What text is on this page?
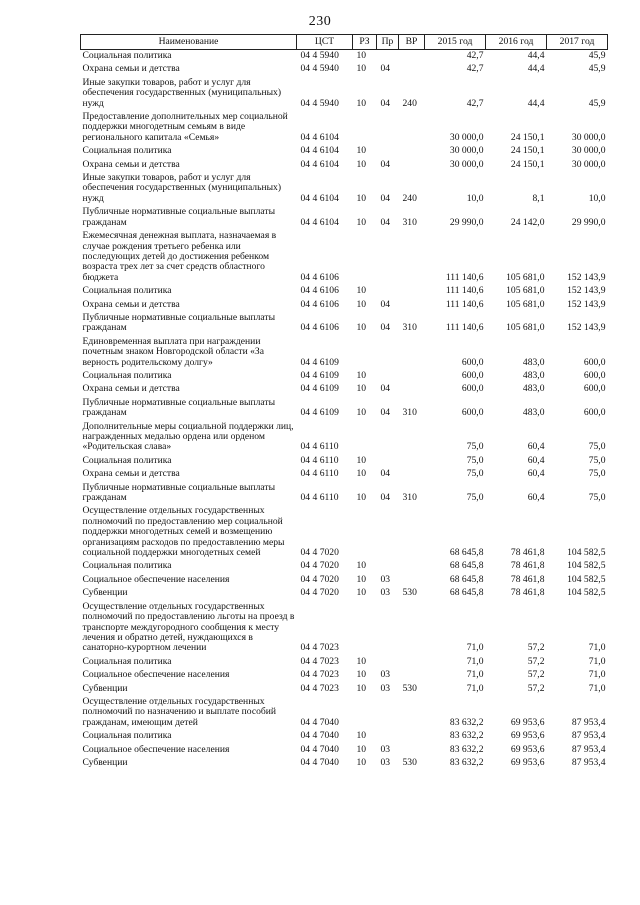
230
Наименование	ЦСТ	РЗ	Пр	ВР	2015 год	2016 год	2017 год
Социальная политика	04 4 5940	10			42,7	44,4	45,9
Охрана семьи и детства	04 4 5940	10	04		42,7	44,4	45,9
Иные закупки товаров, работ и услуг для обеспечения государственных (муниципальных) нужд	04 4 5940	10	04	240	42,7	44,4	45,9
Предоставление дополнительных мер социальной поддержки многодетным семьям в виде регионального капитала «Семья»	04 4 6104				30 000,0	24 150,1	30 000,0
Социальная политика	04 4 6104	10			30 000,0	24 150,1	30 000,0
Охрана семьи и детства	04 4 6104	10	04		30 000,0	24 150,1	30 000,0
Иные закупки товаров, работ и услуг для обеспечения государственных (муниципальных) нужд	04 4 6104	10	04	240	10,0	8,1	10,0
Публичные нормативные социальные выплаты гражданам	04 4 6104	10	04	310	29 990,0	24 142,0	29 990,0
Ежемесячная денежная выплата, назначаемая в случае рождения третьего ребенка или последующих детей до достижения ребенком возраста трех лет за счет средств областного бюджета	04 4 6106				111 140,6	105 681,0	152 143,9
Социальная политика	04 4 6106	10			111 140,6	105 681,0	152 143,9
Охрана семьи и детства	04 4 6106	10	04		111 140,6	105 681,0	152 143,9
Публичные нормативные социальные выплаты гражданам	04 4 6106	10	04	310	111 140,6	105 681,0	152 143,9
Единовременная выплата при награждении почетным знаком Новгородской области «За верность родительскому долгу»	04 4 6109				600,0	483,0	600,0
Социальная политика	04 4 6109	10			600,0	483,0	600,0
Охрана семьи и детства	04 4 6109	10	04		600,0	483,0	600,0
Публичные нормативные социальные выплаты гражданам	04 4 6109	10	04	310	600,0	483,0	600,0
Дополнительные меры социальной поддержки лиц, награжденных медалью ордена или орденом «Родительская слава»	04 4 6110				75,0	60,4	75,0
Социальная политика	04 4 6110	10			75,0	60,4	75,0
Охрана семьи и детства	04 4 6110	10	04		75,0	60,4	75,0
Публичные нормативные социальные выплаты гражданам	04 4 6110	10	04	310	75,0	60,4	75,0
Осуществление отдельных государственных полномочий по предоставлению мер социальной поддержки многодетных семей и возмещению организациям расходов по предоставлению меры социальной поддержки многодетных семей	04 4 7020				68 645,8	78 461,8	104 582,5
Социальная политика	04 4 7020	10			68 645,8	78 461,8	104 582,5
Социальное обеспечение населения	04 4 7020	10	03		68 645,8	78 461,8	104 582,5
Субвенции	04 4 7020	10	03	530	68 645,8	78 461,8	104 582,5
Осуществление отдельных государственных полномочий по предоставлению льготы на проезд в транспорте междугородного сообщения к месту лечения и обратно детей, нуждающихся в санаторно-курортном лечении	04 4 7023				71,0	57,2	71,0
Социальная политика	04 4 7023	10			71,0	57,2	71,0
Социальное обеспечение населения	04 4 7023	10	03		71,0	57,2	71,0
Субвенции	04 4 7023	10	03	530	71,0	57,2	71,0
Осуществление отдельных государственных полномочий по назначению и выплате пособий гражданам, имеющим детей	04 4 7040				83 632,2	69 953,6	87 953,4
Социальная политика	04 4 7040	10			83 632,2	69 953,6	87 953,4
Социальное обеспечение населения	04 4 7040	10	03		83 632,2	69 953,6	87 953,4
Субвенции	04 4 7040	10	03	530	83 632,2	69 953,6	87 953,4
